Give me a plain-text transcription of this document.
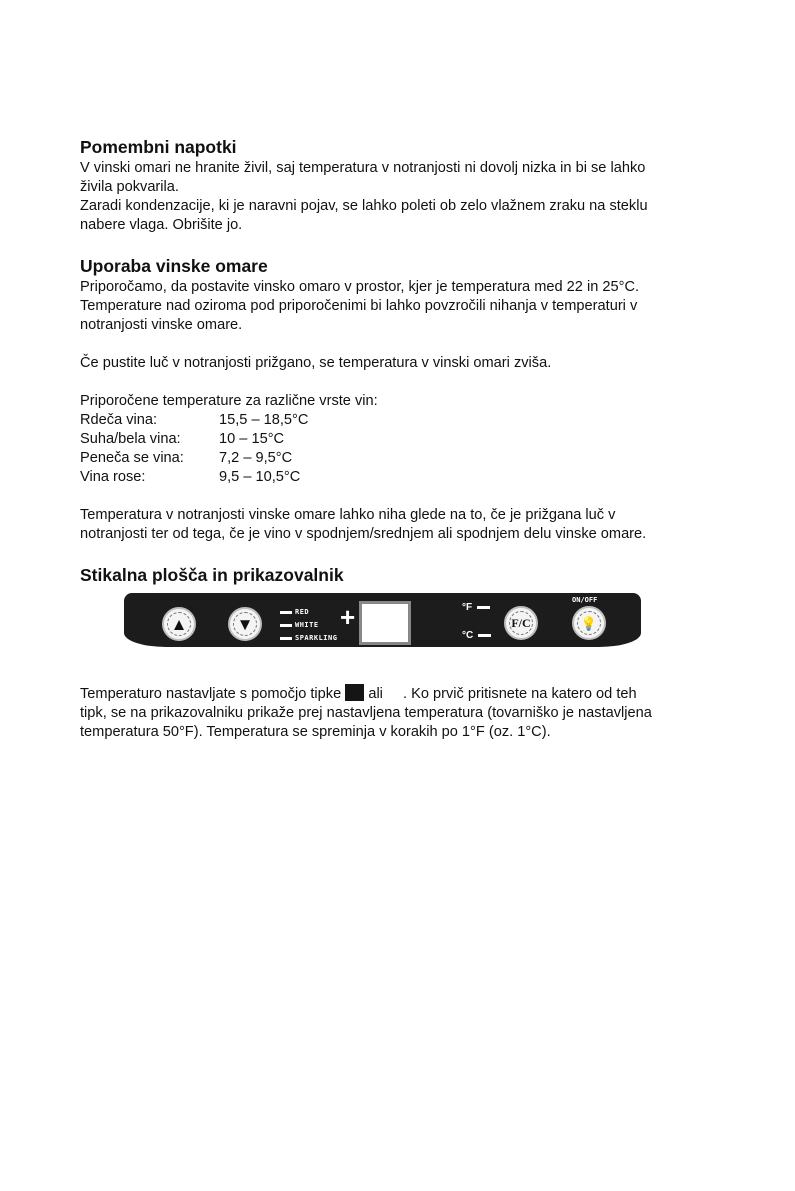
Pomembni napotki

V vinski omari ne hranite živil, saj temperatura v notranjosti ni dovolj nizka in bi se lahko

živila pokvarila.

Zaradi kondenzacije, ki je naravni pojav, se lahko poleti ob zelo vlažnem zraku na steklu

nabere vlaga. Obrišite jo.

Uporaba vinske omare

Priporočamo, da postavite vinsko omaro v prostor, kjer je temperatura med 22 in 25°C.

Temperature nad oziroma pod priporočenimi bi lahko povzročili nihanja v temperaturi v

notranjosti vinske omare.

Če pustite luč v notranjosti prižgano, se temperatura v vinski omari zviša.

Priporočene temperature za različne vrste vin:

Rdeča vina:	15,5 – 18,5°C
Suha/bela vina:	10 – 15°C
Peneča se vina:	7,2 – 9,5°C
Vina rose:	9,5 – 10,5°C

Temperatura v notranjosti vinske omare lahko niha glede na to, če je prižgana luč v

notranjosti ter od tega, če je vino v spodnjem/srednjem ali spodnjem delu vinske omare.

Stikalna plošča in prikazovalnik
▲	▼
RED
WHITE
SPARKLING
+	°F
°C
F/C
ON/OFF
💡

Temperaturo nastavljate s pomočjo tipke ali . Ko prvič pritisnete na katero od teh

tipk, se na prikazovalniku prikaže prej nastavljena temperatura (tovarniško je nastavljena

temperatura 50°F). Temperatura se spreminja v korakih po 1°F (oz. 1°C).
